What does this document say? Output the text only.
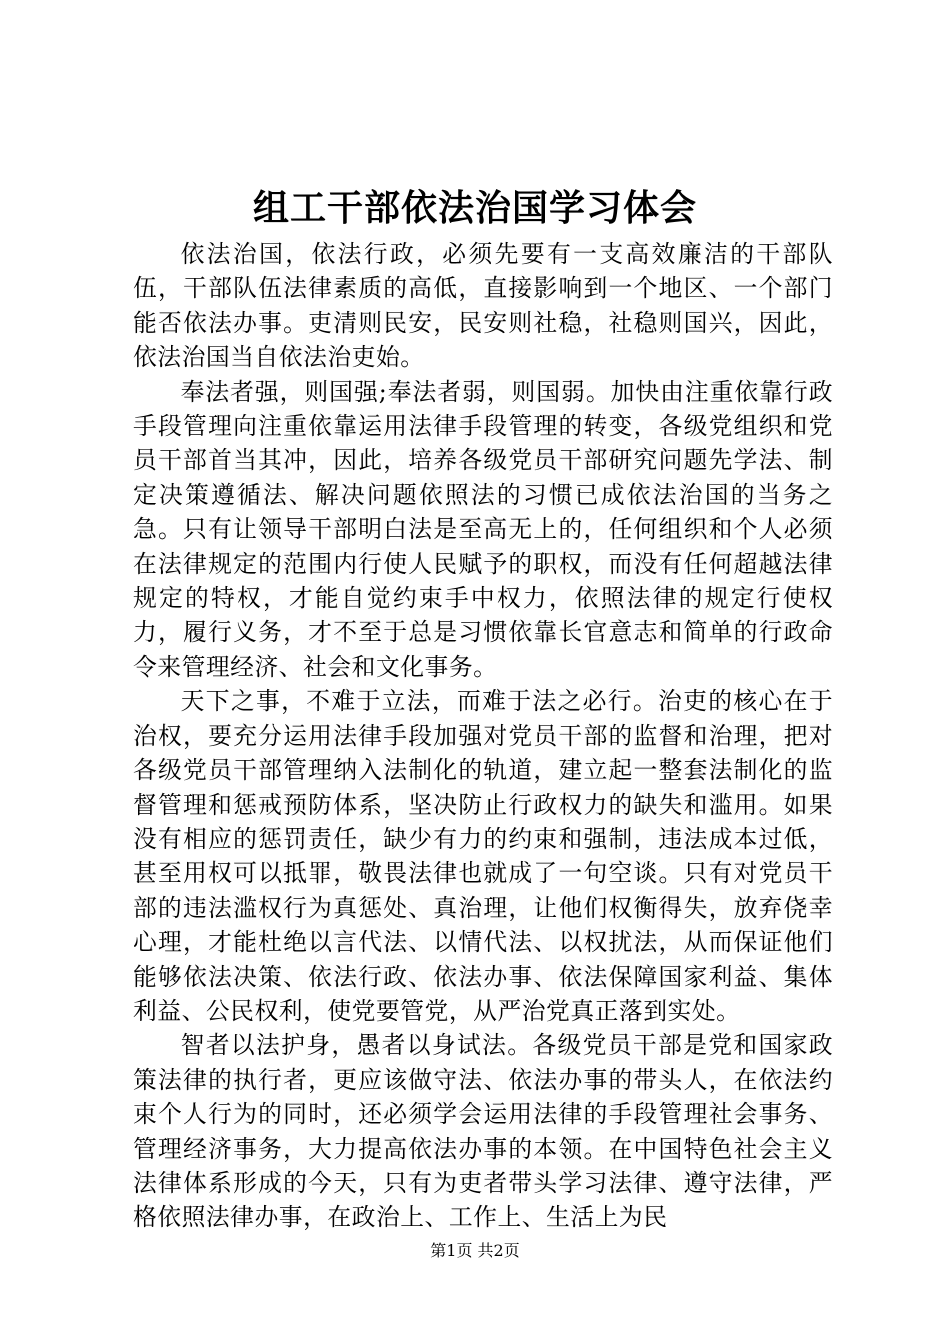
组工干部依法治国学习体会

依法治国，依法行政，必须先要有一支高效廉洁的干部队伍，干部队伍法律素质的高低，直接影响到一个地区、一个部门能否依法办事。吏清则民安，民安则社稳，社稳则国兴，因此，依法治国当自依法治吏始。

奉法者强，则国强;奉法者弱，则国弱。加快由注重依靠行政手段管理向注重依靠运用法律手段管理的转变，各级党组织和党员干部首当其冲，因此，培养各级党员干部研究问题先学法、制定决策遵循法、解决问题依照法的习惯已成依法治国的当务之急。只有让领导干部明白法是至高无上的，任何组织和个人必须在法律规定的范围内行使人民赋予的职权，而没有任何超越法律规定的特权，才能自觉约束手中权力，依照法律的规定行使权力，履行义务，才不至于总是习惯依靠长官意志和简单的行政命令来管理经济、社会和文化事务。

天下之事，不难于立法，而难于法之必行。治吏的核心在于治权，要充分运用法律手段加强对党员干部的监督和治理，把对各级党员干部管理纳入法制化的轨道，建立起一整套法制化的监督管理和惩戒预防体系，坚决防止行政权力的缺失和滥用。如果没有相应的惩罚责任，缺少有力的约束和强制，违法成本过低，甚至用权可以抵罪，敬畏法律也就成了一句空谈。只有对党员干部的违法滥权行为真惩处、真治理，让他们权衡得失，放弃侥幸心理，才能杜绝以言代法、以情代法、以权扰法，从而保证他们能够依法决策、依法行政、依法办事、依法保障国家利益、集体利益、公民权利，使党要管党，从严治党真正落到实处。

智者以法护身，愚者以身试法。各级党员干部是党和国家政策法律的执行者，更应该做守法、依法办事的带头人，在依法约束个人行为的同时，还必须学会运用法律的手段管理社会事务、管理经济事务，大力提高依法办事的本领。在中国特色社会主义法律体系形成的今天，只有为吏者带头学习法律、遵守法律，严格依照法律办事，在政治上、工作上、生活上为民

第1页 共2页
